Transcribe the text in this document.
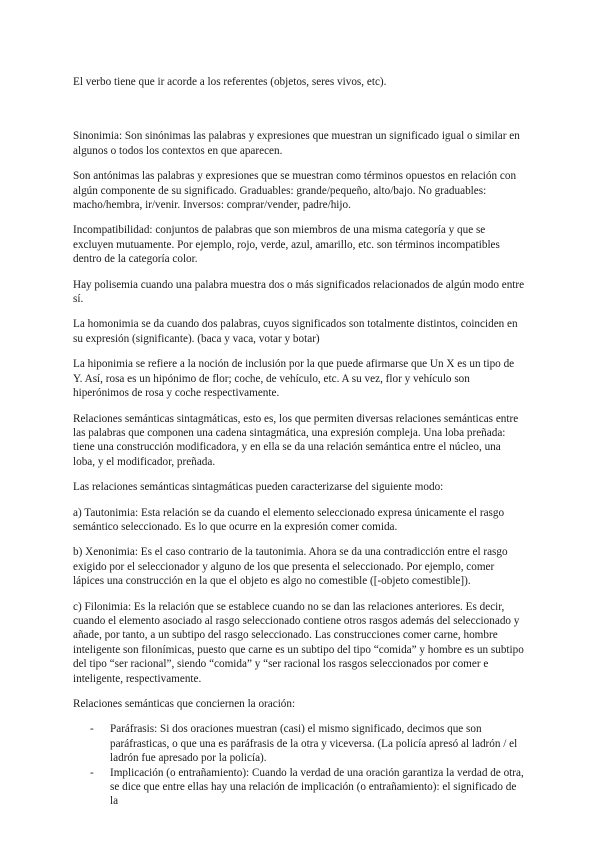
El verbo tiene que ir acorde a los referentes (objetos, seres vivos, etc).

Sinonimia: Son sinónimas las palabras y expresiones que muestran un significado igual o similar en algunos o todos los contextos en que aparecen.

Son antónimas las palabras y expresiones que se muestran como términos opuestos en relación con algún componente de su significado. Graduables: grande/pequeño, alto/bajo. No graduables: macho/hembra, ir/venir. Inversos: comprar/vender, padre/hijo.

Incompatibilidad: conjuntos de palabras que son miembros de una misma categoría y que se excluyen mutuamente. Por ejemplo, rojo, verde, azul, amarillo, etc. son términos incompatibles dentro de la categoría color.

Hay polisemia cuando una palabra muestra dos o más significados relacionados de algún modo entre sí.

La homonimia se da cuando dos palabras, cuyos significados son totalmente distintos, coinciden en su expresión (significante). (baca y vaca, votar y botar)

La hiponimia se refiere a la noción de inclusión por la que puede afirmarse que Un X es un tipo de Y. Así, rosa es un hipónimo de flor; coche, de vehículo, etc. A su vez, flor y vehículo son hiperónimos de rosa y coche respectivamente.

Relaciones semánticas sintagmáticas, esto es, los que permiten diversas relaciones semánticas entre las palabras que componen una cadena sintagmática, una expresión compleja. Una loba preñada: tiene una construcción modificadora, y en ella se da una relación semántica entre el núcleo, una loba, y el modificador, preñada.

Las relaciones semánticas sintagmáticas pueden caracterizarse del siguiente modo:

a) Tautonimia: Esta relación se da cuando el elemento seleccionado expresa únicamente el rasgo semántico seleccionado. Es lo que ocurre en la expresión comer comida.

b) Xenonimia: Es el caso contrario de la tautonimia. Ahora se da una contradicción entre el rasgo exigido por el seleccionador y alguno de los que presenta el seleccionado. Por ejemplo, comer lápices una construcción en la que el objeto es algo no comestible ([-objeto comestible]).

c) Filonimia: Es la relación que se establece cuando no se dan las relaciones anteriores. Es decir, cuando el elemento asociado al rasgo seleccionado contiene otros rasgos además del seleccionado y añade, por tanto, a un subtipo del rasgo seleccionado. Las construcciones comer carne, hombre inteligente son filonímicas, puesto que carne es un subtipo del tipo “comida” y hombre es un subtipo del tipo “ser racional”, siendo “comida” y “ser racional los rasgos seleccionados por comer e inteligente, respectivamente.

Relaciones semánticas que conciernen la oración:

- Paráfrasis: Si dos oraciones muestran (casi) el mismo significado, decimos que son paráfrasticas, o que una es paráfrasis de la otra y viceversa. (La policía apresó al ladrón / el ladrón fue apresado por la policía).
- Implicación (o entrañamiento): Cuando la verdad de una oración garantiza la verdad de otra, se dice que entre ellas hay una relación de implicación (o entrañamiento): el significado de la
